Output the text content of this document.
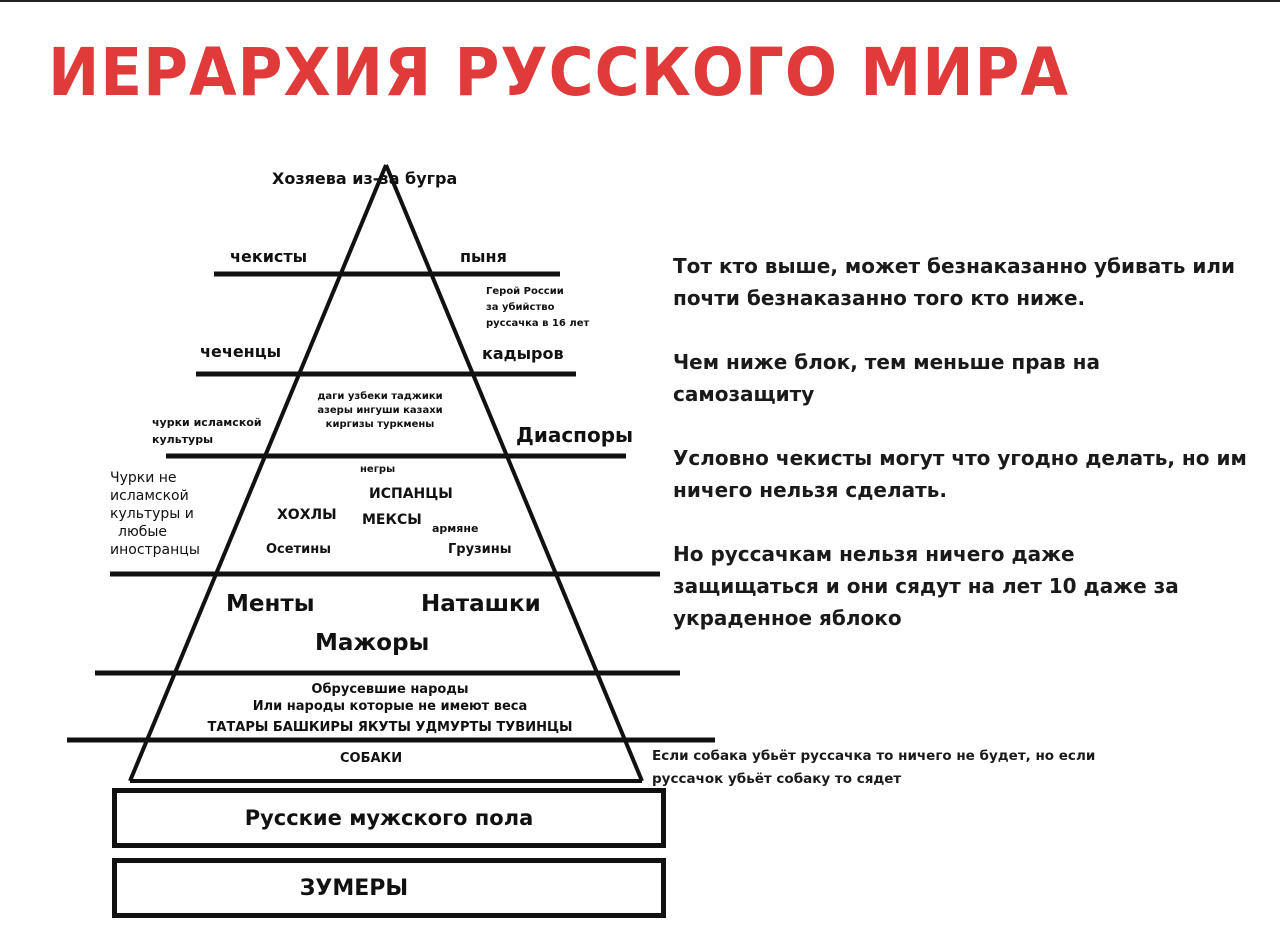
ИЕРАРХИЯ РУССКОГО МИРА
Хозяева из-за бугра
чекисты	пыня
Герой России
за убийство
руссачка в 16 лет
чеченцы	кадыров
даги узбеки таджики
азеры ингуши казахи
киргизы туркмены
чурки исламской
культуры	Диаспоры
Чурки не
исламской
культуры и
любые
иностранцы
негры
ИСПАНЦЫ
ХОХЛЫ МЕКСЫ
армяне
Осетины	Грузины
Менты	Наташки
Мажоры
Обрусевшие народы
Или народы которые не имеют веса
ТАТАРЫ БАШКИРЫ ЯКУТЫ УДМУРТЫ ТУВИНЦЫ
СОБАКИ
Русские мужского пола
ЗУМЕРЫ
Тот кто выше, может безнаказанно убивать или почти безнаказанно того кто ниже.
Чем ниже блок, тем меньше прав на самозащиту
Условно чекисты могут что угодно делать, но им ничего нельзя сделать.
Но руссачкам нельзя ничего даже защищаться и они сядут на лет 10 даже за украденное яблоко
Если собака убьёт руссачка то ничего не будет, но если руссачок убьёт собаку то сядет
